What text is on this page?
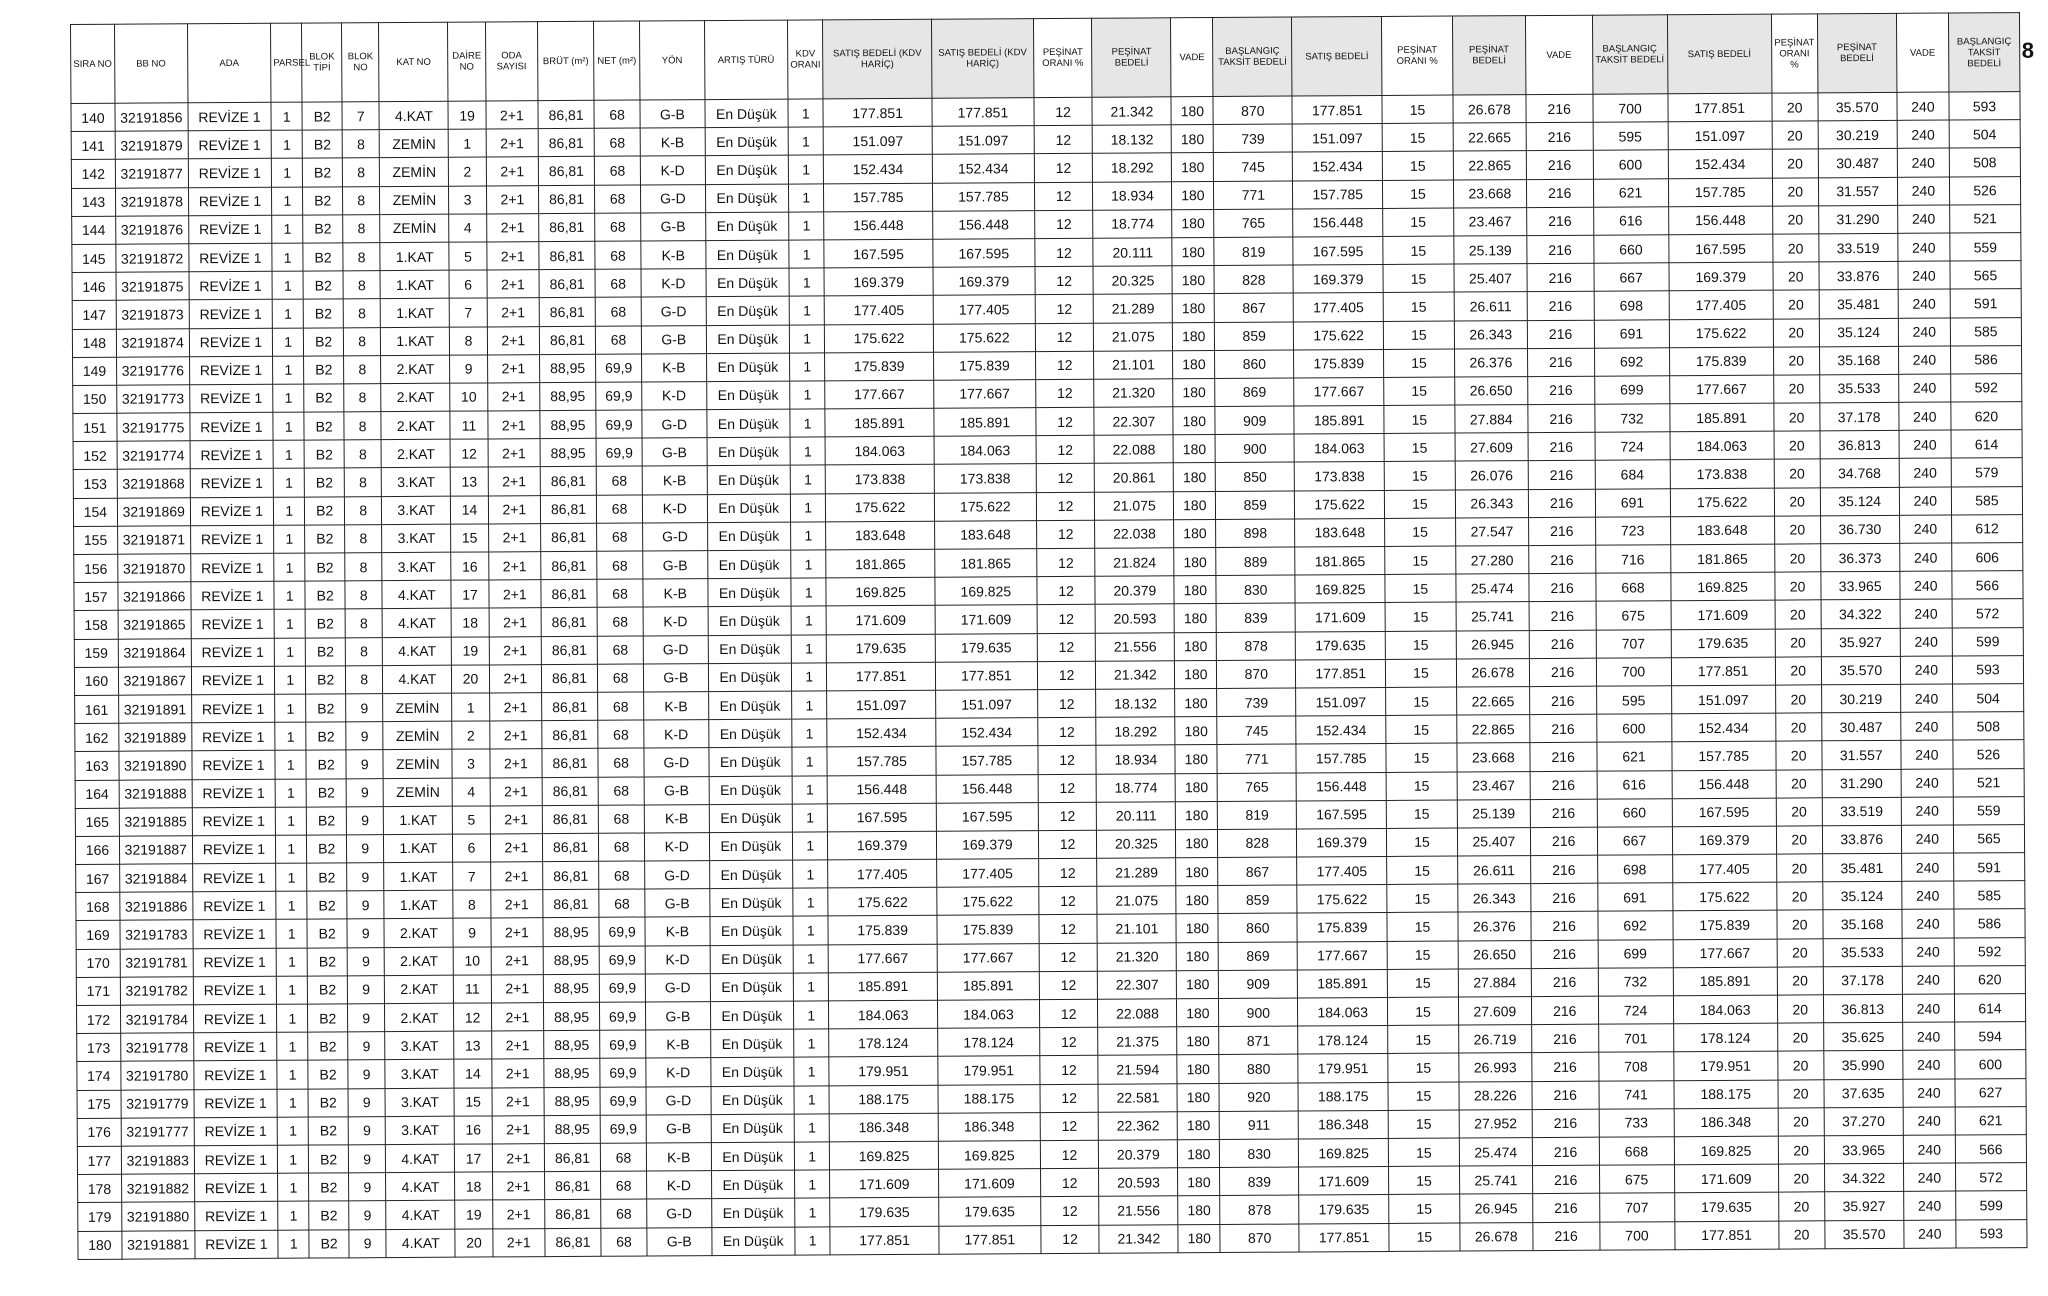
8
SIRA NO	BB NO	ADA	PARSEL	BLOK TİPİ	BLOK NO	KAT NO	DAİRE NO	ODA SAYISI	BRÜT (m²)	NET (m²)	YÖN	ARTIŞ TÜRÜ	KDV ORANI	SATIŞ BEDELİ (KDV HARİÇ)	SATIŞ BEDELİ (KDV HARİÇ)	PEŞİNAT ORANI %	PEŞİNAT BEDELİ	VADE	BAŞLANGIÇ TAKSİT BEDELİ	SATIŞ BEDELİ	PEŞİNAT ORANI %	PEŞİNAT BEDELİ	VADE	BAŞLANGIÇ TAKSİT BEDELİ	SATIŞ BEDELİ	PEŞİNAT ORANI %	PEŞİNAT BEDELİ	VADE	BAŞLANGIÇ TAKSİT BEDELİ
140	32191856	REVİZE 1	1	B2	7	4.KAT	19	2+1	86,81	68	G-B	En Düşük	1	177.851	177.851	12	21.342	180	870	177.851	15	26.678	216	700	177.851	20	35.570	240	593
141	32191879	REVİZE 1	1	B2	8	ZEMİN	1	2+1	86,81	68	K-B	En Düşük	1	151.097	151.097	12	18.132	180	739	151.097	15	22.665	216	595	151.097	20	30.219	240	504
142	32191877	REVİZE 1	1	B2	8	ZEMİN	2	2+1	86,81	68	K-D	En Düşük	1	152.434	152.434	12	18.292	180	745	152.434	15	22.865	216	600	152.434	20	30.487	240	508
143	32191878	REVİZE 1	1	B2	8	ZEMİN	3	2+1	86,81	68	G-D	En Düşük	1	157.785	157.785	12	18.934	180	771	157.785	15	23.668	216	621	157.785	20	31.557	240	526
144	32191876	REVİZE 1	1	B2	8	ZEMİN	4	2+1	86,81	68	G-B	En Düşük	1	156.448	156.448	12	18.774	180	765	156.448	15	23.467	216	616	156.448	20	31.290	240	521
145	32191872	REVİZE 1	1	B2	8	1.KAT	5	2+1	86,81	68	K-B	En Düşük	1	167.595	167.595	12	20.111	180	819	167.595	15	25.139	216	660	167.595	20	33.519	240	559
146	32191875	REVİZE 1	1	B2	8	1.KAT	6	2+1	86,81	68	K-D	En Düşük	1	169.379	169.379	12	20.325	180	828	169.379	15	25.407	216	667	169.379	20	33.876	240	565
147	32191873	REVİZE 1	1	B2	8	1.KAT	7	2+1	86,81	68	G-D	En Düşük	1	177.405	177.405	12	21.289	180	867	177.405	15	26.611	216	698	177.405	20	35.481	240	591
148	32191874	REVİZE 1	1	B2	8	1.KAT	8	2+1	86,81	68	G-B	En Düşük	1	175.622	175.622	12	21.075	180	859	175.622	15	26.343	216	691	175.622	20	35.124	240	585
149	32191776	REVİZE 1	1	B2	8	2.KAT	9	2+1	88,95	69,9	K-B	En Düşük	1	175.839	175.839	12	21.101	180	860	175.839	15	26.376	216	692	175.839	20	35.168	240	586
150	32191773	REVİZE 1	1	B2	8	2.KAT	10	2+1	88,95	69,9	K-D	En Düşük	1	177.667	177.667	12	21.320	180	869	177.667	15	26.650	216	699	177.667	20	35.533	240	592
151	32191775	REVİZE 1	1	B2	8	2.KAT	11	2+1	88,95	69,9	G-D	En Düşük	1	185.891	185.891	12	22.307	180	909	185.891	15	27.884	216	732	185.891	20	37.178	240	620
152	32191774	REVİZE 1	1	B2	8	2.KAT	12	2+1	88,95	69,9	G-B	En Düşük	1	184.063	184.063	12	22.088	180	900	184.063	15	27.609	216	724	184.063	20	36.813	240	614
153	32191868	REVİZE 1	1	B2	8	3.KAT	13	2+1	86,81	68	K-B	En Düşük	1	173.838	173.838	12	20.861	180	850	173.838	15	26.076	216	684	173.838	20	34.768	240	579
154	32191869	REVİZE 1	1	B2	8	3.KAT	14	2+1	86,81	68	K-D	En Düşük	1	175.622	175.622	12	21.075	180	859	175.622	15	26.343	216	691	175.622	20	35.124	240	585
155	32191871	REVİZE 1	1	B2	8	3.KAT	15	2+1	86,81	68	G-D	En Düşük	1	183.648	183.648	12	22.038	180	898	183.648	15	27.547	216	723	183.648	20	36.730	240	612
156	32191870	REVİZE 1	1	B2	8	3.KAT	16	2+1	86,81	68	G-B	En Düşük	1	181.865	181.865	12	21.824	180	889	181.865	15	27.280	216	716	181.865	20	36.373	240	606
157	32191866	REVİZE 1	1	B2	8	4.KAT	17	2+1	86,81	68	K-B	En Düşük	1	169.825	169.825	12	20.379	180	830	169.825	15	25.474	216	668	169.825	20	33.965	240	566
158	32191865	REVİZE 1	1	B2	8	4.KAT	18	2+1	86,81	68	K-D	En Düşük	1	171.609	171.609	12	20.593	180	839	171.609	15	25.741	216	675	171.609	20	34.322	240	572
159	32191864	REVİZE 1	1	B2	8	4.KAT	19	2+1	86,81	68	G-D	En Düşük	1	179.635	179.635	12	21.556	180	878	179.635	15	26.945	216	707	179.635	20	35.927	240	599
160	32191867	REVİZE 1	1	B2	8	4.KAT	20	2+1	86,81	68	G-B	En Düşük	1	177.851	177.851	12	21.342	180	870	177.851	15	26.678	216	700	177.851	20	35.570	240	593
161	32191891	REVİZE 1	1	B2	9	ZEMİN	1	2+1	86,81	68	K-B	En Düşük	1	151.097	151.097	12	18.132	180	739	151.097	15	22.665	216	595	151.097	20	30.219	240	504
162	32191889	REVİZE 1	1	B2	9	ZEMİN	2	2+1	86,81	68	K-D	En Düşük	1	152.434	152.434	12	18.292	180	745	152.434	15	22.865	216	600	152.434	20	30.487	240	508
163	32191890	REVİZE 1	1	B2	9	ZEMİN	3	2+1	86,81	68	G-D	En Düşük	1	157.785	157.785	12	18.934	180	771	157.785	15	23.668	216	621	157.785	20	31.557	240	526
164	32191888	REVİZE 1	1	B2	9	ZEMİN	4	2+1	86,81	68	G-B	En Düşük	1	156.448	156.448	12	18.774	180	765	156.448	15	23.467	216	616	156.448	20	31.290	240	521
165	32191885	REVİZE 1	1	B2	9	1.KAT	5	2+1	86,81	68	K-B	En Düşük	1	167.595	167.595	12	20.111	180	819	167.595	15	25.139	216	660	167.595	20	33.519	240	559
166	32191887	REVİZE 1	1	B2	9	1.KAT	6	2+1	86,81	68	K-D	En Düşük	1	169.379	169.379	12	20.325	180	828	169.379	15	25.407	216	667	169.379	20	33.876	240	565
167	32191884	REVİZE 1	1	B2	9	1.KAT	7	2+1	86,81	68	G-D	En Düşük	1	177.405	177.405	12	21.289	180	867	177.405	15	26.611	216	698	177.405	20	35.481	240	591
168	32191886	REVİZE 1	1	B2	9	1.KAT	8	2+1	86,81	68	G-B	En Düşük	1	175.622	175.622	12	21.075	180	859	175.622	15	26.343	216	691	175.622	20	35.124	240	585
169	32191783	REVİZE 1	1	B2	9	2.KAT	9	2+1	88,95	69,9	K-B	En Düşük	1	175.839	175.839	12	21.101	180	860	175.839	15	26.376	216	692	175.839	20	35.168	240	586
170	32191781	REVİZE 1	1	B2	9	2.KAT	10	2+1	88,95	69,9	K-D	En Düşük	1	177.667	177.667	12	21.320	180	869	177.667	15	26.650	216	699	177.667	20	35.533	240	592
171	32191782	REVİZE 1	1	B2	9	2.KAT	11	2+1	88,95	69,9	G-D	En Düşük	1	185.891	185.891	12	22.307	180	909	185.891	15	27.884	216	732	185.891	20	37.178	240	620
172	32191784	REVİZE 1	1	B2	9	2.KAT	12	2+1	88,95	69,9	G-B	En Düşük	1	184.063	184.063	12	22.088	180	900	184.063	15	27.609	216	724	184.063	20	36.813	240	614
173	32191778	REVİZE 1	1	B2	9	3.KAT	13	2+1	88,95	69,9	K-B	En Düşük	1	178.124	178.124	12	21.375	180	871	178.124	15	26.719	216	701	178.124	20	35.625	240	594
174	32191780	REVİZE 1	1	B2	9	3.KAT	14	2+1	88,95	69,9	K-D	En Düşük	1	179.951	179.951	12	21.594	180	880	179.951	15	26.993	216	708	179.951	20	35.990	240	600
175	32191779	REVİZE 1	1	B2	9	3.KAT	15	2+1	88,95	69,9	G-D	En Düşük	1	188.175	188.175	12	22.581	180	920	188.175	15	28.226	216	741	188.175	20	37.635	240	627
176	32191777	REVİZE 1	1	B2	9	3.KAT	16	2+1	88,95	69,9	G-B	En Düşük	1	186.348	186.348	12	22.362	180	911	186.348	15	27.952	216	733	186.348	20	37.270	240	621
177	32191883	REVİZE 1	1	B2	9	4.KAT	17	2+1	86,81	68	K-B	En Düşük	1	169.825	169.825	12	20.379	180	830	169.825	15	25.474	216	668	169.825	20	33.965	240	566
178	32191882	REVİZE 1	1	B2	9	4.KAT	18	2+1	86,81	68	K-D	En Düşük	1	171.609	171.609	12	20.593	180	839	171.609	15	25.741	216	675	171.609	20	34.322	240	572
179	32191880	REVİZE 1	1	B2	9	4.KAT	19	2+1	86,81	68	G-D	En Düşük	1	179.635	179.635	12	21.556	180	878	179.635	15	26.945	216	707	179.635	20	35.927	240	599
180	32191881	REVİZE 1	1	B2	9	4.KAT	20	2+1	86,81	68	G-B	En Düşük	1	177.851	177.851	12	21.342	180	870	177.851	15	26.678	216	700	177.851	20	35.570	240	593
